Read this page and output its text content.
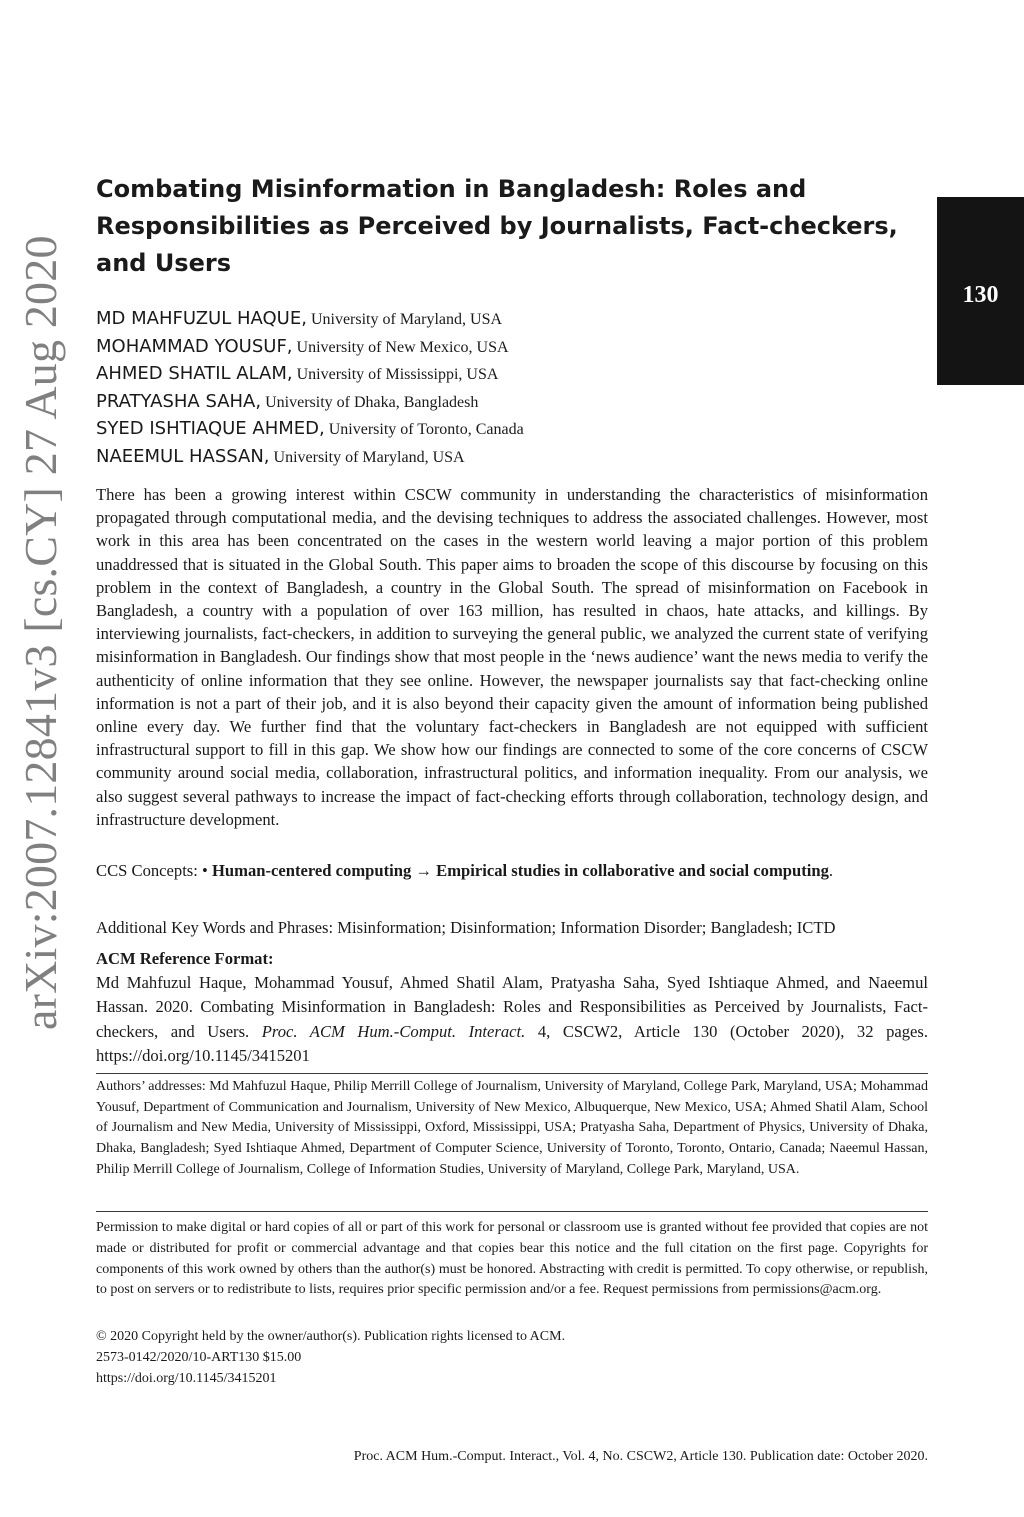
arXiv:2007.12841v3 [cs.CY] 27 Aug 2020	130
Combating Misinformation in Bangladesh: Roles and Responsibilities as Perceived by Journalists, Fact-checkers, and Users
MD MAHFUZUL HAQUE, University of Maryland, USA
MOHAMMAD YOUSUF, University of New Mexico, USA
AHMED SHATIL ALAM, University of Mississippi, USA
PRATYASHA SAHA, University of Dhaka, Bangladesh
SYED ISHTIAQUE AHMED, University of Toronto, Canada
NAEEMUL HASSAN, University of Maryland, USA

There has been a growing interest within CSCW community in understanding the characteristics of misinformation propagated through computational media, and the devising techniques to address the associated challenges. However, most work in this area has been concentrated on the cases in the western world leaving a major portion of this problem unaddressed that is situated in the Global South. This paper aims to broaden the scope of this discourse by focusing on this problem in the context of Bangladesh, a country in the Global South. The spread of misinformation on Facebook in Bangladesh, a country with a population of over 163 million, has resulted in chaos, hate attacks, and killings. By interviewing journalists, fact-checkers, in addition to surveying the general public, we analyzed the current state of verifying misinformation in Bangladesh. Our findings show that most people in the ‘news audience’ want the news media to verify the authenticity of online information that they see online. However, the newspaper journalists say that fact-checking online information is not a part of their job, and it is also beyond their capacity given the amount of information being published online every day. We further find that the voluntary fact-checkers in Bangladesh are not equipped with sufficient infrastructural support to fill in this gap. We show how our findings are connected to some of the core concerns of CSCW community around social media, collaboration, infrastructural politics, and information inequality. From our analysis, we also suggest several pathways to increase the impact of fact-checking efforts through collaboration, technology design, and infrastructure development.

CCS Concepts: • Human-centered computing → Empirical studies in collaborative and social computing.

Additional Key Words and Phrases: Misinformation; Disinformation; Information Disorder; Bangladesh; ICTD

ACM Reference Format:

Md Mahfuzul Haque, Mohammad Yousuf, Ahmed Shatil Alam, Pratyasha Saha, Syed Ishtiaque Ahmed, and Naeemul Hassan. 2020. Combating Misinformation in Bangladesh: Roles and Responsibilities as Perceived by Journalists, Fact-checkers, and Users. Proc. ACM Hum.-Comput. Interact. 4, CSCW2, Article 130 (October 2020), 32 pages. https://doi.org/10.1145/3415201

Authors’ addresses: Md Mahfuzul Haque, Philip Merrill College of Journalism, University of Maryland, College Park, Maryland, USA; Mohammad Yousuf, Department of Communication and Journalism, University of New Mexico, Albuquerque, New Mexico, USA; Ahmed Shatil Alam, School of Journalism and New Media, University of Mississippi, Oxford, Mississippi, USA; Pratyasha Saha, Department of Physics, University of Dhaka, Dhaka, Bangladesh; Syed Ishtiaque Ahmed, Department of Computer Science, University of Toronto, Toronto, Ontario, Canada; Naeemul Hassan, Philip Merrill College of Journalism, College of Information Studies, University of Maryland, College Park, Maryland, USA.

Permission to make digital or hard copies of all or part of this work for personal or classroom use is granted without fee provided that copies are not made or distributed for profit or commercial advantage and that copies bear this notice and the full citation on the first page. Copyrights for components of this work owned by others than the author(s) must be honored. Abstracting with credit is permitted. To copy otherwise, or republish, to post on servers or to redistribute to lists, requires prior specific permission and/or a fee. Request permissions from permissions@acm.org.

© 2020 Copyright held by the owner/author(s). Publication rights licensed to ACM.
2573-0142/2020/10-ART130 $15.00
https://doi.org/10.1145/3415201
Proc. ACM Hum.-Comput. Interact., Vol. 4, No. CSCW2, Article 130. Publication date: October 2020.
